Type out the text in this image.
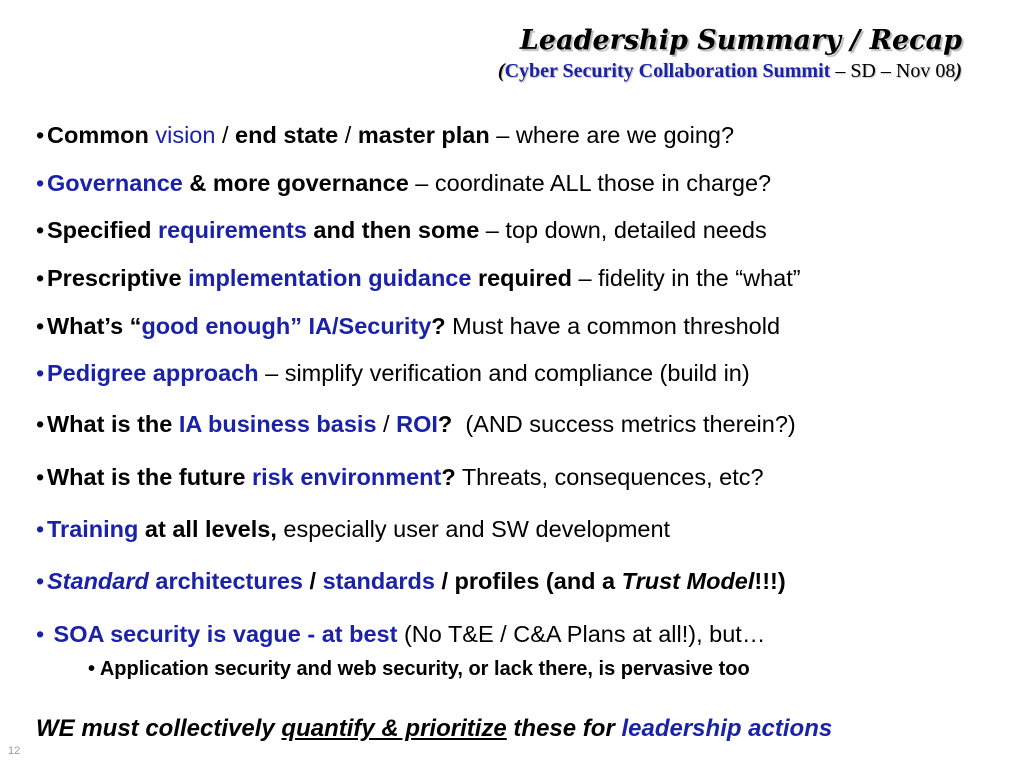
Leadership Summary / Recap
(Cyber Security Collaboration Summit – SD – Nov 08)
• Common vision / end state / master plan – where are we going?
• Governance & more governance – coordinate ALL those in charge?
• Specified requirements and then some – top down, detailed needs
• Prescriptive implementation guidance required – fidelity in the “what”
• What’s “good enough” IA/Security? Must have a common threshold
• Pedigree approach – simplify verification and compliance (build in)
• What is the IA business basis / ROI?  (AND success metrics therein?)
• What is the future risk environment? Threats, consequences, etc?
• Training at all levels, especially user and SW development
• Standard architectures / standards / profiles (and a Trust Model!!!)
• SOA security is vague - at best (No T&E / C&A Plans at all!), but…
• Application security and web security, or lack there, is pervasive too
WE must collectively quantify & prioritize these for leadership actions
12
